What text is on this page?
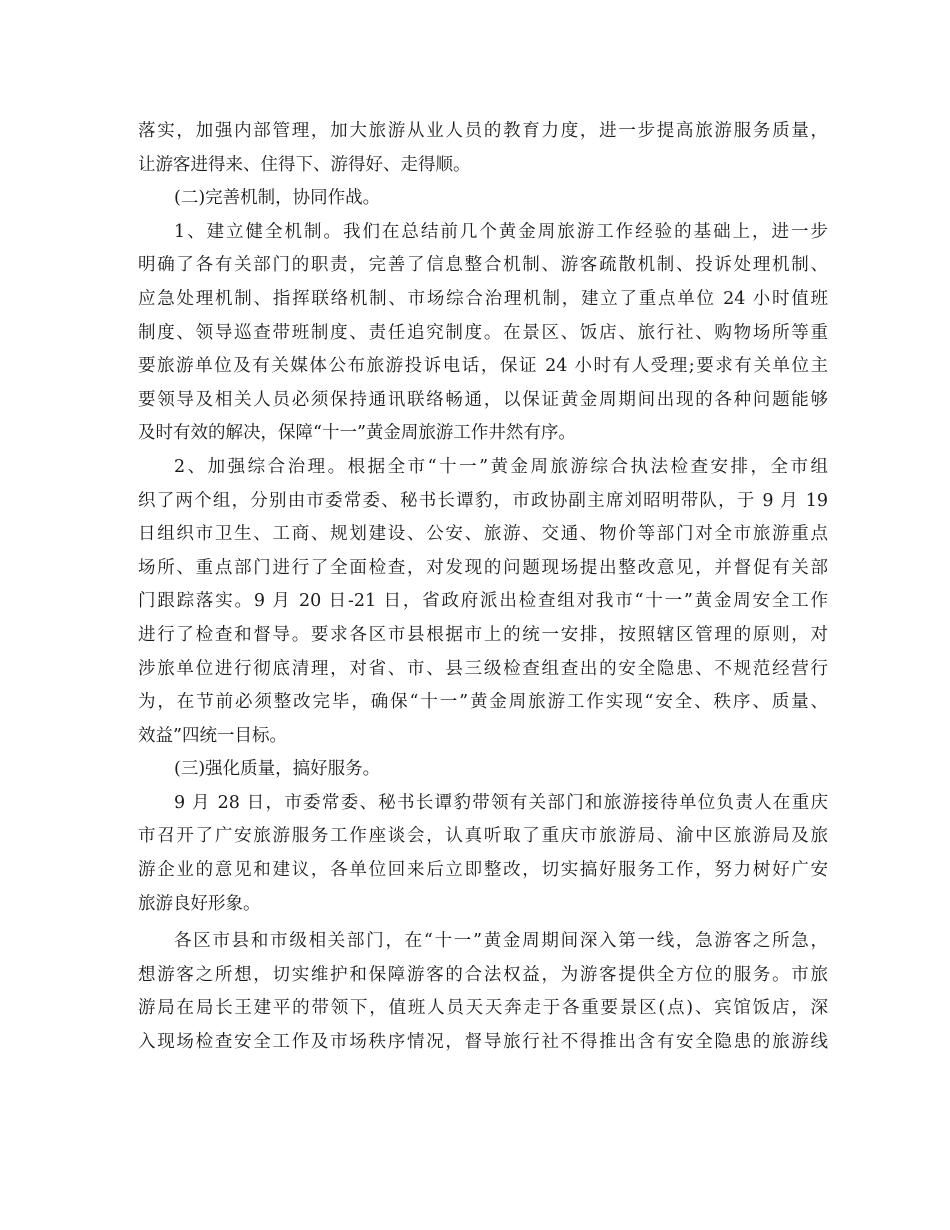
落实，加强内部管理，加大旅游从业人员的教育力度，进一步提高旅游服务质量，
让游客进得来、住得下、游得好、走得顺。
(二)完善机制，协同作战。
1、建立健全机制。我们在总结前几个黄金周旅游工作经验的基础上，进一步
明确了各有关部门的职责，完善了信息整合机制、游客疏散机制、投诉处理机制、
应急处理机制、指挥联络机制、市场综合治理机制，建立了重点单位 24 小时值班
制度、领导巡查带班制度、责任追究制度。在景区、饭店、旅行社、购物场所等重
要旅游单位及有关媒体公布旅游投诉电话，保证 24 小时有人受理;要求有关单位主
要领导及相关人员必须保持通讯联络畅通，以保证黄金周期间出现的各种问题能够
及时有效的解决，保障“十一”黄金周旅游工作井然有序。
2、加强综合治理。根据全市“十一”黄金周旅游综合执法检查安排，全市组
织了两个组，分别由市委常委、秘书长谭豹，市政协副主席刘昭明带队，于 9 月 19
日组织市卫生、工商、规划建设、公安、旅游、交通、物价等部门对全市旅游重点
场所、重点部门进行了全面检查，对发现的问题现场提出整改意见，并督促有关部
门跟踪落实。9 月 20 日-21 日，省政府派出检查组对我市“十一”黄金周安全工作
进行了检查和督导。要求各区市县根据市上的统一安排，按照辖区管理的原则，对
涉旅单位进行彻底清理，对省、市、县三级检查组查出的安全隐患、不规范经营行
为，在节前必须整改完毕，确保“十一”黄金周旅游工作实现“安全、秩序、质量、
效益”四统一目标。
(三)强化质量，搞好服务。
9 月 28 日，市委常委、秘书长谭豹带领有关部门和旅游接待单位负责人在重庆
市召开了广安旅游服务工作座谈会，认真听取了重庆市旅游局、渝中区旅游局及旅
游企业的意见和建议，各单位回来后立即整改，切实搞好服务工作，努力树好广安
旅游良好形象。
各区市县和市级相关部门，在“十一”黄金周期间深入第一线，急游客之所急，
想游客之所想，切实维护和保障游客的合法权益，为游客提供全方位的服务。市旅
游局在局长王建平的带领下，值班人员天天奔走于各重要景区(点)、宾馆饭店，深
入现场检查安全工作及市场秩序情况，督导旅行社不得推出含有安全隐患的旅游线
